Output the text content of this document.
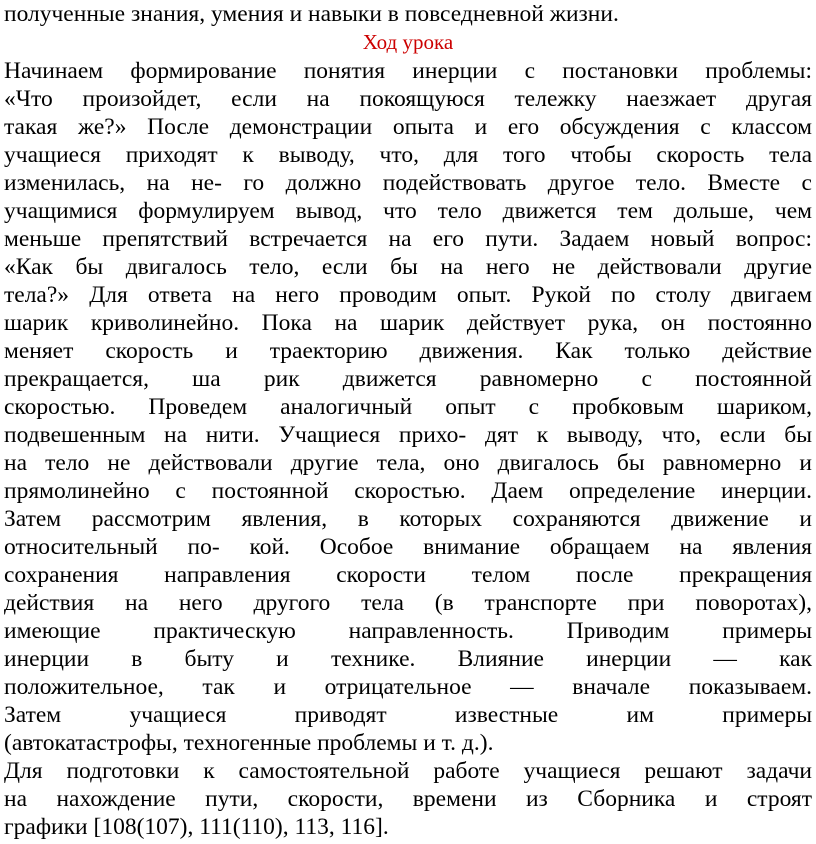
полученные знания, умения и навыки в повседневной жизни.
Ход урока
Начинаем формирование понятия инерции с постановки проблемы:
«Что произойдет, если на покоящуюся тележку наезжает другая
такая же?» После демонстрации опыта и его обсуждения с классом
учащиеся приходят к выводу, что, для того чтобы скорость тела
изменилась, на не- го должно подействовать другое тело. Вместе с
учащимися формулируем вывод, что тело движется тем дольше, чем
меньше препятствий встречается на его пути. Задаем новый вопрос:
«Как бы двигалось тело, если бы на него не действовали другие
тела?» Для ответа на него проводим опыт. Рукой по столу двигаем
шарик криволинейно. Пока на шарик действует рука, он постоянно
меняет скорость и траекторию движения. Как только действие
прекращается, ша рик движется равномерно с постоянной
скоростью. Проведем аналогичный опыт с пробковым шариком,
подвешенным на нити. Учащиеся прихо- дят к выводу, что, если бы
на тело не действовали другие тела, оно двигалось бы равномерно и
прямолинейно с постоянной скоростью. Даем определение инерции.
Затем рассмотрим явления, в которых сохраняются движение и
относительный по- кой. Особое внимание обращаем на явления
сохранения направления скорости телом после прекращения
действия на него другого тела (в транспорте при поворотах),
имеющие практическую направленность. Приводим примеры
инерции в быту и технике. Влияние инерции — как
положительное, так и отрицательное — вначале показываем.
Затем учащиеся приводят известные им примеры
(автокатастрофы, техногенные проблемы и т. д.).
Для подготовки к самостоятельной работе учащиеся решают задачи
на нахождение пути, скорости, времени из Сборника и строят
графики [108(107), 111(110), 113, 116].
